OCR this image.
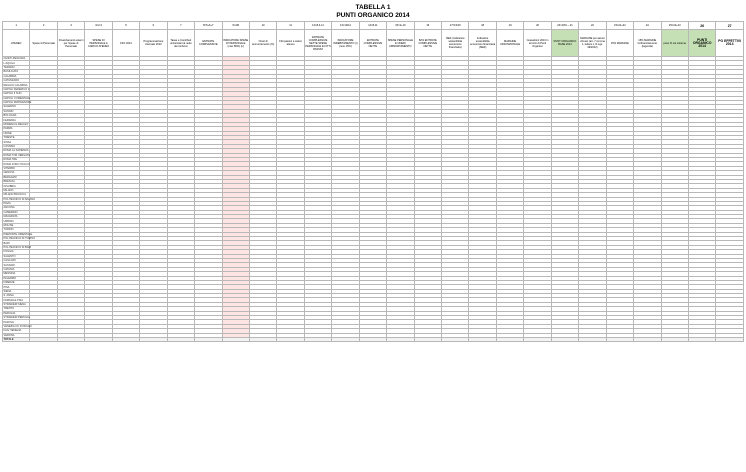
TABELLA 1
PUNTI ORGANICO 2014
1	2	3	4=2-3	5	6	7	8=5+6+7	9=4/8	10	11	12=8-4-11	13=10/12	14=8-11	15=4+10	16	17=15/16	18	19	20	20>20% ~ 21	22	23=21+22	24	25=22+23	26	27
ATENEO	Spese di Personale	Finanziamenti esterni per Spese di Personale	SPESE DI PERSONALE A CARICO ATENEO	FFO 2013	Programmazione triennale 2013	Tasse e Contributi universitari al netto dei rimborsi	ENTRATE COMPLESSIVE	INDICATORE SPESE DI PERSONALE (max 80%) (L)	Oneri di ammortamento (%)	Fitti passivi a carico ateneo	ENTRATE COMPLESSIVE NETTE SPESE PERSONALE E FITTI PASSIVI	INDICATORE INDEBITAMENTO (I) (max 15%)	ENTRATE COMPLESSIVE NETTE	SPESE PERSONALE E ONERI AMMORTAMENTO	82% ENTRATE COMPLESSIVE NETTE	ISEF (Indicatore sostenibilità economico finanziaria)	Indicatore sostenibilità economico finanziaria (ISEF)	MARGINE ASSUNZIONALE	Cessazioni 2013 in termini di Punti Organico	PUNTI ORGANICO BASE 2014	MARGINE per atenei virtuosi (art. 7 comma 1, lettera c, D.Lgs. 49/2012)	15% MARGINE	15% MARGINE Cofinanziamento (legenda)	peso % sul sistema	PUNTI ORGANICO 2014	PO EFFETTIVI 2014
CHIETI-PESCARA																										
L'AQUILA																										
TERAMO																										
BASILICATA																										
CALABRIA																										
CATANZARO																										
REGGIO CALABRIA																										
NAPOLI FEDERICO II																										
NAPOLI II SUN																										
NAPOLI L'ORIENTALE																										
NAPOLI PARTHENOPE																										
SALERNO																										
SANNIO																										
BOLOGNA																										
FERRARA																										
MODENA E REGGIO																										
PARMA																										
UDINE																										
TRIESTE																										
SISSA																										
CASSINO																										
ROMA LA SAPIENZA																										
ROMA TOR VERGATA																										
ROMA TRE																										
ROMA FORO ITALICO																										
VITERBO																										
GENOVA																										
BERGAMO																										
BRESCIA																										
INSUBRIA																										
MILANO																										
MILANO BICOCCA																										
POLITECNICO DI MILANO																										
PAVIA																										
ANCONA																										
CAMERINO																										
MACERATA																										
URBINO																										
MOLISE																										
TORINO																										
PIEMONTE ORIENTALE																										
POLITECNICO DI TORINO																										
BARI																										
POLITECNICO DI BARI																										
FOGGIA																										
SALENTO																										
CAGLIARI																										
SASSARI																										
CATANIA																										
MESSINA																										
PALERMO																										
FIRENZE																										
PISA																										
SIENA																										
S. ANNA																										
NORMALE PISA																										
STRANIERI SIENA																										
TRENTO																										
PERUGIA																										
STRANIERI PERUGIA																										
PADOVA																										
VENEZIA CA' FOSCARI																										
IUAV VENEZIA																										
VERONA																										
TOTALE																										
